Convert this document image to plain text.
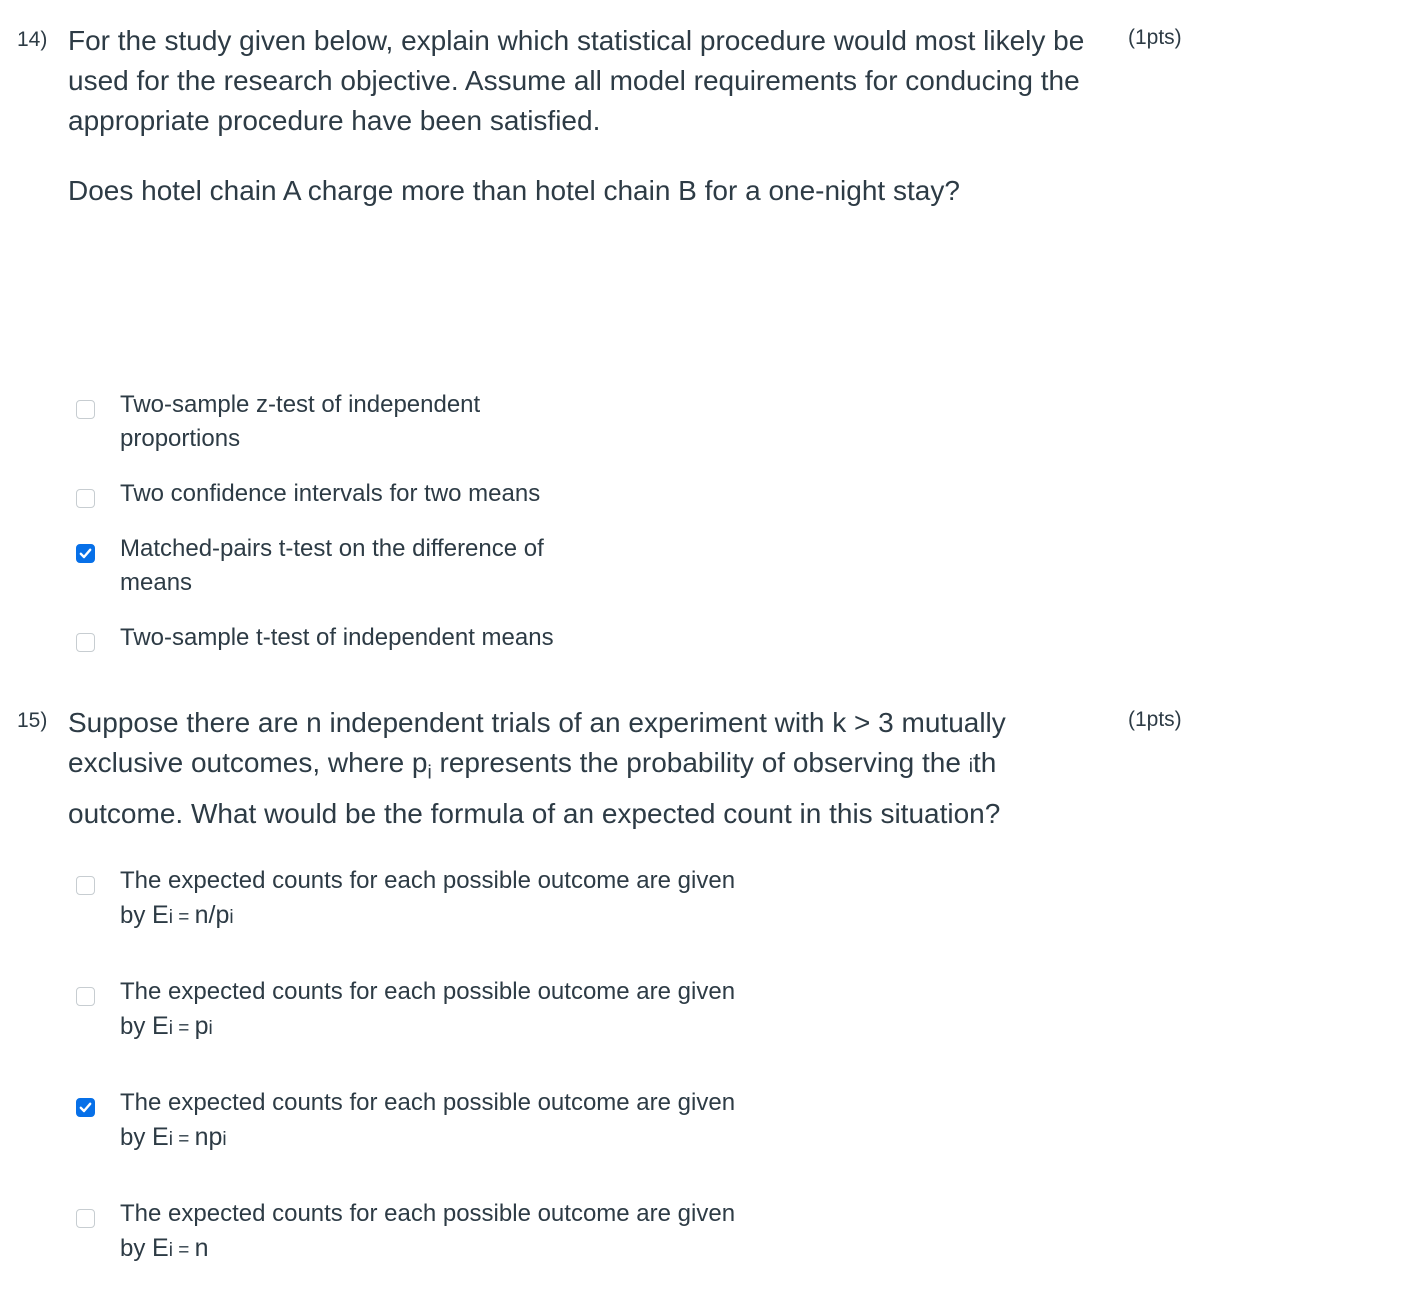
14) For the study given below, explain which statistical procedure would most likely be used for the research objective. Assume all model requirements for conducing the appropriate procedure have been satisfied.
(1pts)
Does hotel chain A charge more than hotel chain B for a one-night stay?
Two-sample z-test of independent
proportions
Two confidence intervals for two means
Matched-pairs t-test on the difference of
means
Two-sample t-test of independent means
15) Suppose there are n independent trials of an experiment with k > 3 mutually exclusive outcomes, where $p_i$ represents the probability of observing the ith outcome. What would be the formula of an expected count in this situation?
(1pts)
The expected counts for each possible outcome are given
by Ei = n/pi
The expected counts for each possible outcome are given
by Ei = pi
The expected counts for each possible outcome are given
by Ei = npi
The expected counts for each possible outcome are given
by Ei = n
